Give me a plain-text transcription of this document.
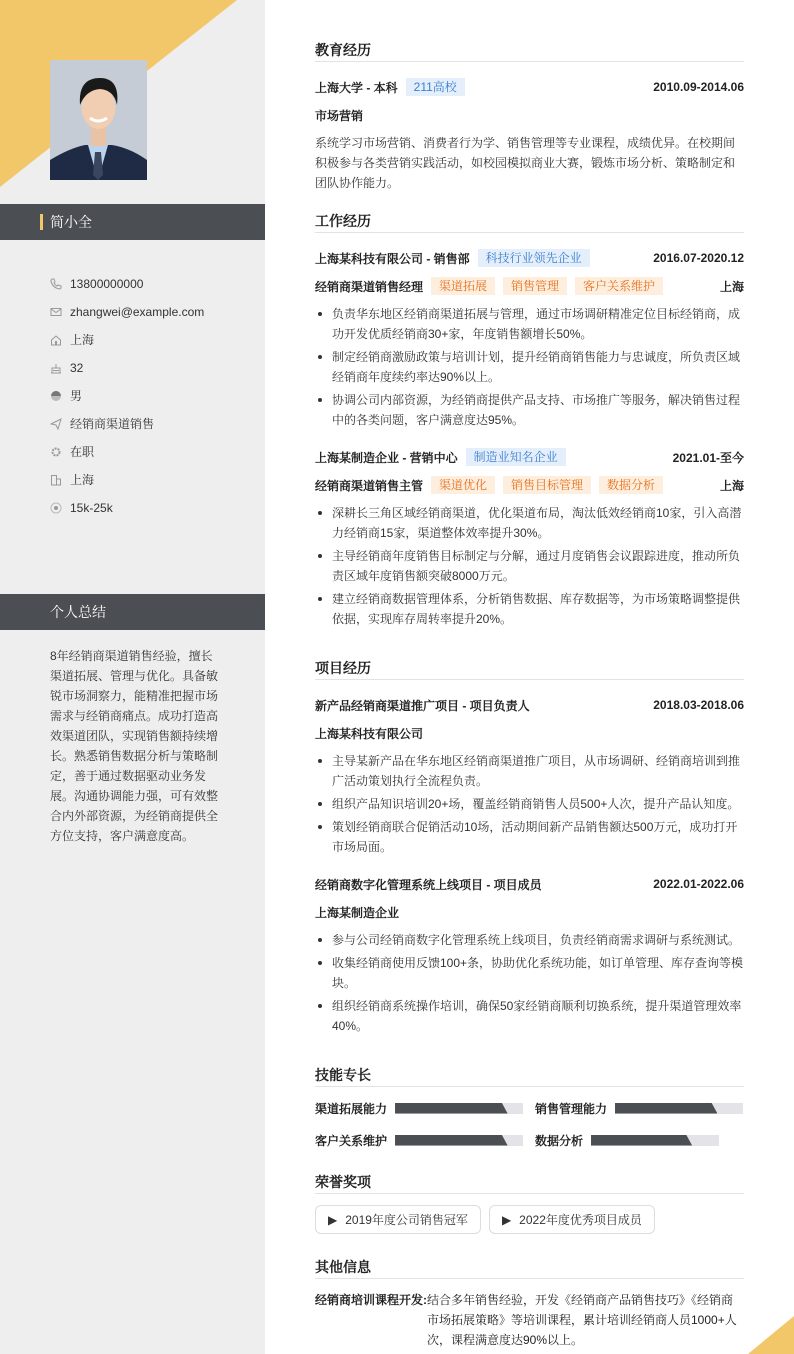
简小全
13800000000
zhangwei@example.com
上海
32
男
经销商渠道销售
在职
上海
15k-25k
个人总结
8年经销商渠道销售经验，擅长渠道拓展、管理与优化。具备敏锐市场洞察力，能精准把握市场需求与经销商痛点。成功打造高效渠道团队，实现销售额持续增长。熟悉销售数据分析与策略制定，善于通过数据驱动业务发展。沟通协调能力强，可有效整合内外部资源，为经销商提供全方位支持，客户满意度高。
教育经历
上海大学 - 本科	211高校	2010.09-2014.06
市场营销
系统学习市场营销、消费者行为学、销售管理等专业课程，成绩优异。在校期间积极参与各类营销实践活动，如校园模拟商业大赛，锻炼市场分析、策略制定和团队协作能力。
工作经历
上海某科技有限公司 - 销售部	科技行业领先企业	2016.07-2020.12
经销商渠道销售经理	渠道拓展	销售管理	客户关系维护	上海
负责华东地区经销商渠道拓展与管理，通过市场调研精准定位目标经销商，成功开发优质经销商30+家，年度销售额增长50%。
制定经销商激励政策与培训计划，提升经销商销售能力与忠诚度，所负责区域经销商年度续约率达90%以上。
协调公司内部资源，为经销商提供产品支持、市场推广等服务，解决销售过程中的各类问题，客户满意度达95%。
上海某制造企业 - 营销中心	制造业知名企业	2021.01-至今
经销商渠道销售主管	渠道优化	销售目标管理	数据分析	上海
深耕长三角区域经销商渠道，优化渠道布局，淘汰低效经销商10家，引入高潜力经销商15家，渠道整体效率提升30%。
主导经销商年度销售目标制定与分解，通过月度销售会议跟踪进度，推动所负责区域年度销售额突破8000万元。
建立经销商数据管理体系，分析销售数据、库存数据等，为市场策略调整提供依据，实现库存周转率提升20%。
项目经历
新产品经销商渠道推广项目 - 项目负责人	2018.03-2018.06
上海某科技有限公司
主导某新产品在华东地区经销商渠道推广项目，从市场调研、经销商培训到推广活动策划执行全流程负责。
组织产品知识培训20+场，覆盖经销商销售人员500+人次，提升产品认知度。
策划经销商联合促销活动10场，活动期间新产品销售额达500万元，成功打开市场局面。
经销商数字化管理系统上线项目 - 项目成员	2022.01-2022.06
上海某制造企业
参与公司经销商数字化管理系统上线项目，负责经销商需求调研与系统测试。
收集经销商使用反馈100+条，协助优化系统功能，如订单管理、库存查询等模块。
组织经销商系统操作培训，确保50家经销商顺利切换系统，提升渠道管理效率40%。
技能专长
渠道拓展能力	销售管理能力
客户关系维护	数据分析
荣誉奖项
▶ 2019年度公司销售冠军	▶ 2022年度优秀项目成员
其他信息
经销商培训课程开发: 结合多年销售经验，开发《经销商产品销售技巧》《经销商市场拓展策略》等培训课程，累计培训经销商人员1000+人次，课程满意度达90%以上。
